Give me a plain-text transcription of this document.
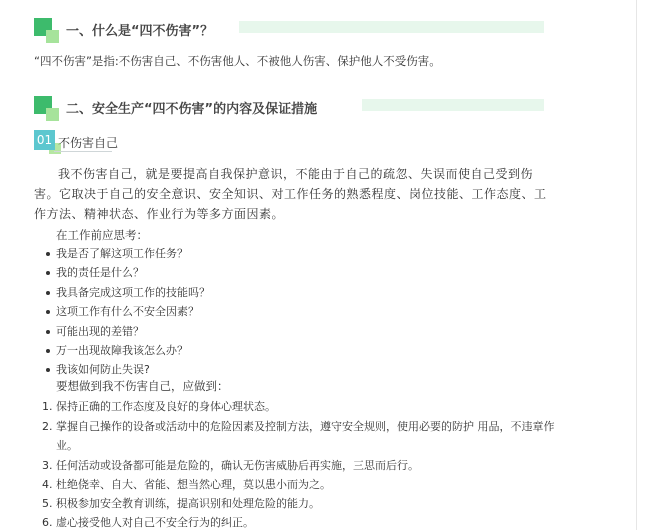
一、什么是“四不伤害”？
“四不伤害”是指:不伤害自己、不伤害他人、不被他人伤害、保护他人不受伤害。
二、安全生产“四不伤害”的内容及保证措施
01 不伤害自己
我不伤害自己，就是要提高自我保护意识，不能由于自己的疏忽、失误而使自己受到伤
害。它取决于自己的安全意识、安全知识、对工作任务的熟悉程度、岗位技能、工作态度、工
作方法、精神状态、作业行为等多方面因素。
在工作前应思考：
我是否了解这项工作任务？
我的责任是什么？
我具备完成这项工作的技能吗？
这项工作有什么不安全因素？
可能出现的差错？
万一出现故障我该怎么办？
我该如何防止失误?
要想做到我不伤害自己，应做到：
1. 保持正确的工作态度及良好的身体心理状态。
2. 掌握自己操作的设备或活动中的危险因素及控制方法，遵守安全规则，使用必要的防护 用品，不违章作业。
3. 任何活动或设备都可能是危险的，确认无伤害威胁后再实施，三思而后行。
4. 杜绝侥幸、自大、省能、想当然心理，莫以患小而为之。
5. 积极参加安全教育训练，提高识别和处理危险的能力。
6. 虚心接受他人对自己不安全行为的纠正。
